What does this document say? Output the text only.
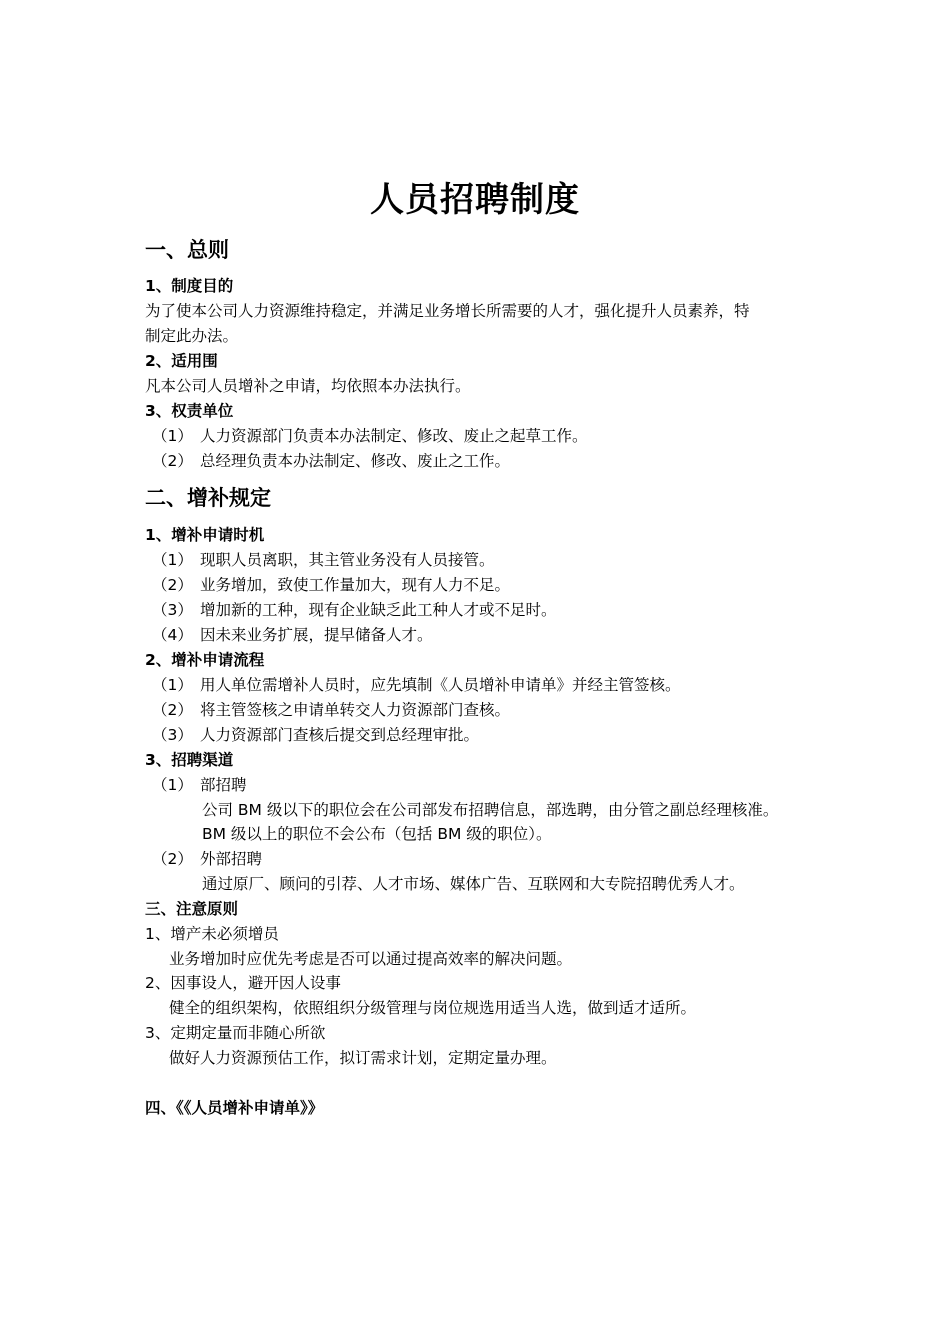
人员招聘制度
一、总则
1、制度目的
为了使本公司人力资源维持稳定，并满足业务增长所需要的人才，强化提升人员素养，特
制定此办法。
2、适用围
凡本公司人员增补之申请，均依照本办法执行。
3、权责单位
（1） 人力资源部门负责本办法制定、修改、废止之起草工作。
（2） 总经理负责本办法制定、修改、废止之工作。
二、增补规定
1、增补申请时机
（1） 现职人员离职，其主管业务没有人员接管。
（2） 业务增加，致使工作量加大，现有人力不足。
（3） 增加新的工种，现有企业缺乏此工种人才或不足时。
（4） 因未来业务扩展，提早储备人才。
2、增补申请流程
（1） 用人单位需增补人员时，应先填制《人员增补申请单》并经主管签核。
（2） 将主管签核之申请单转交人力资源部门查核。
（3） 人力资源部门查核后提交到总经理审批。
3、招聘渠道
（1） 部招聘
公司 BM 级以下的职位会在公司部发布招聘信息，部选聘，由分管之副总经理核准。
BM 级以上的职位不会公布（包括 BM 级的职位）。
（2） 外部招聘
通过原厂、顾问的引荐、人才市场、媒体广告、互联网和大专院招聘优秀人才。
三、注意原则
1、增产未必须增员
业务增加时应优先考虑是否可以通过提高效率的解决问题。
2、因事设人，避开因人设事
健全的组织架构，依照组织分级管理与岗位规选用适当人选，做到适才适所。
3、定期定量而非随心所欲
做好人力资源预估工作，拟订需求计划，定期定量办理。
四、《《人员增补申请单》》
